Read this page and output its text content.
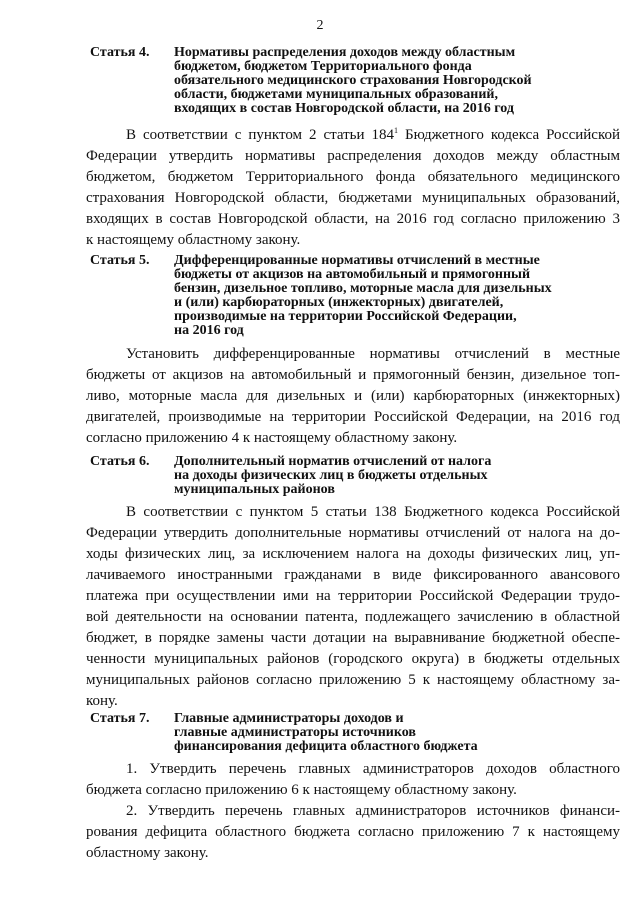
2
Статья 4.	Нормативы распределения доходов между областным
бюджетом, бюджетом Территориального фонда
обязательного медицинского страхования Новгородской
области, бюджетами муниципальных образований,
входящих в состав Новгородской области, на 2016 год
В соответствии с пунктом 2 статьи $184^1$ Бюджетного кодекса Российской
Федерации утвердить нормативы распределения доходов между областным
бюджетом, бюджетом Территориального фонда обязательного медицинского
страхования Новгородской области, бюджетами муниципальных образований,
входящих в состав Новгородской области, на 2016 год согласно приложению 3
к настоящему областному закону.
Статья 5.	Дифференцированные нормативы отчислений в местные
бюджеты от акцизов на автомобильный и прямогонный
бензин, дизельное топливо, моторные масла для дизельных
и (или) карбюраторных (инжекторных) двигателей,
производимые на территории Российской Федерации,
на 2016 год
Установить дифференцированные нормативы отчислений в местные
бюджеты от акцизов на автомобильный и прямогонный бензин, дизельное топ-
ливо, моторные масла для дизельных и (или) карбюраторных (инжекторных)
двигателей, производимые на территории Российской Федерации, на 2016 год
согласно приложению 4 к настоящему областному закону.
Статья 6.	Дополнительный норматив отчислений от налога
на доходы физических лиц в бюджеты отдельных
муниципальных районов
В соответствии с пунктом 5 статьи 138 Бюджетного кодекса Российской
Федерации утвердить дополнительные нормативы отчислений от налога на до-
ходы физических лиц, за исключением налога на доходы физических лиц, уп-
лачиваемого иностранными гражданами в виде фиксированного авансового
платежа при осуществлении ими на территории Российской Федерации трудо-
вой деятельности на основании патента, подлежащего зачислению в областной
бюджет, в порядке замены части дотации на выравнивание бюджетной обеспе-
ченности муниципальных районов (городского округа) в бюджеты отдельных
муниципальных районов согласно приложению 5 к настоящему областному за-
кону.
Статья 7.	Главные администраторы доходов и
главные администраторы источников
финансирования дефицита областного бюджета
1. Утвердить перечень главных администраторов доходов областного
бюджета согласно приложению 6 к настоящему областному закону.
2. Утвердить перечень главных администраторов источников финанси-
рования дефицита областного бюджета согласно приложению 7 к настоящему
областному закону.
